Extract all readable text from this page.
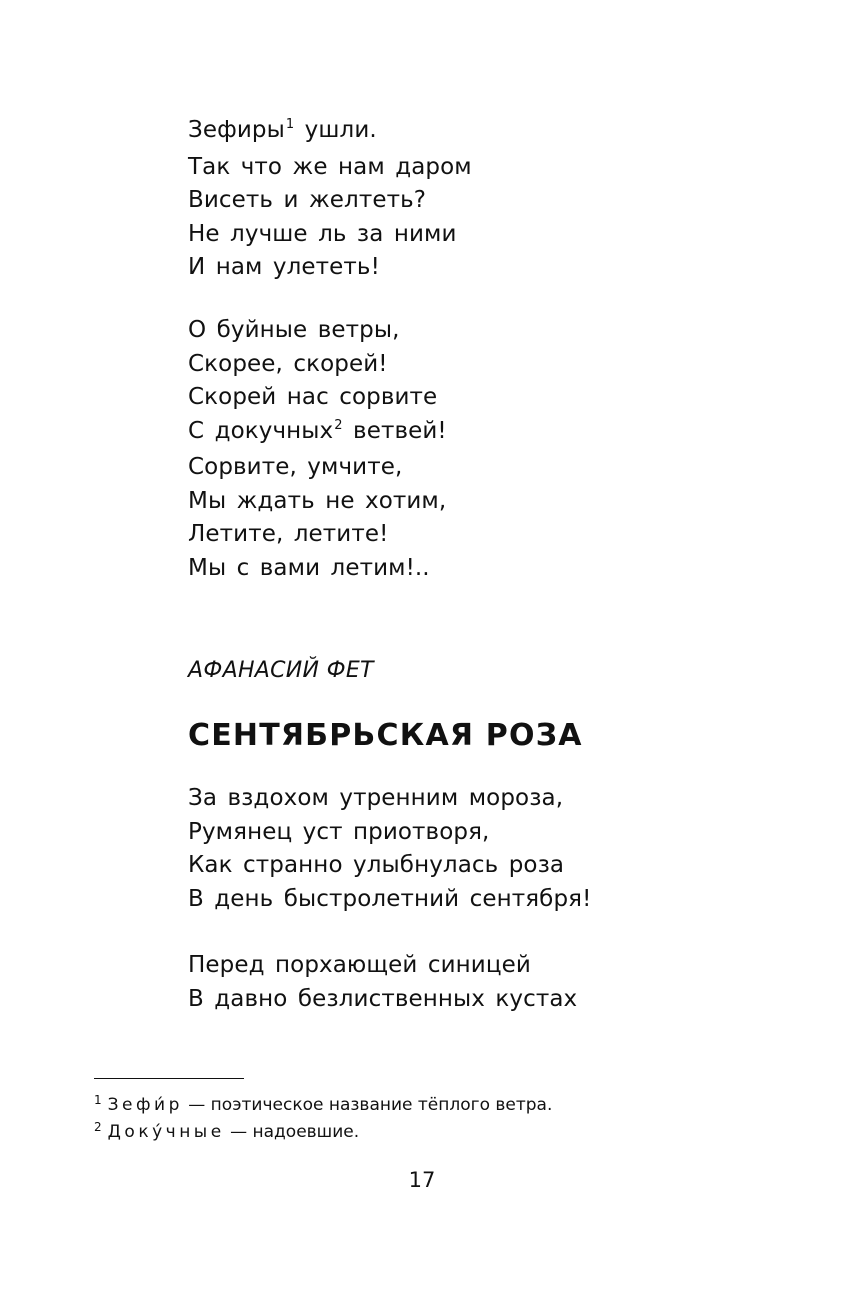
Зефиры$^1$ ушли.
Так что же нам даром
Висеть и желтеть?
Не лучше ль за ними
И нам улететь!
О буйные ветры,
Скорее, скорей!
Скорей нас сорвите
С докучных$^2$ ветвей!
Сорвите, умчите,
Мы ждать не хотим,
Летите, летите!
Мы с вами летим!..
АФАНАСИЙ ФЕТ
СЕНТЯБРЬСКАЯ РОЗА
За вздохом утренним мороза,
Румянец уст приотворя,
Как странно улыбнулась роза
В день быстролетний сентября!
Перед порхающей синицей
В давно безлиственных кустах
$^1$ Зефи́р — поэтическое название тёплого ветра.
$^2$ Доку́чные — надоевшие.
17
